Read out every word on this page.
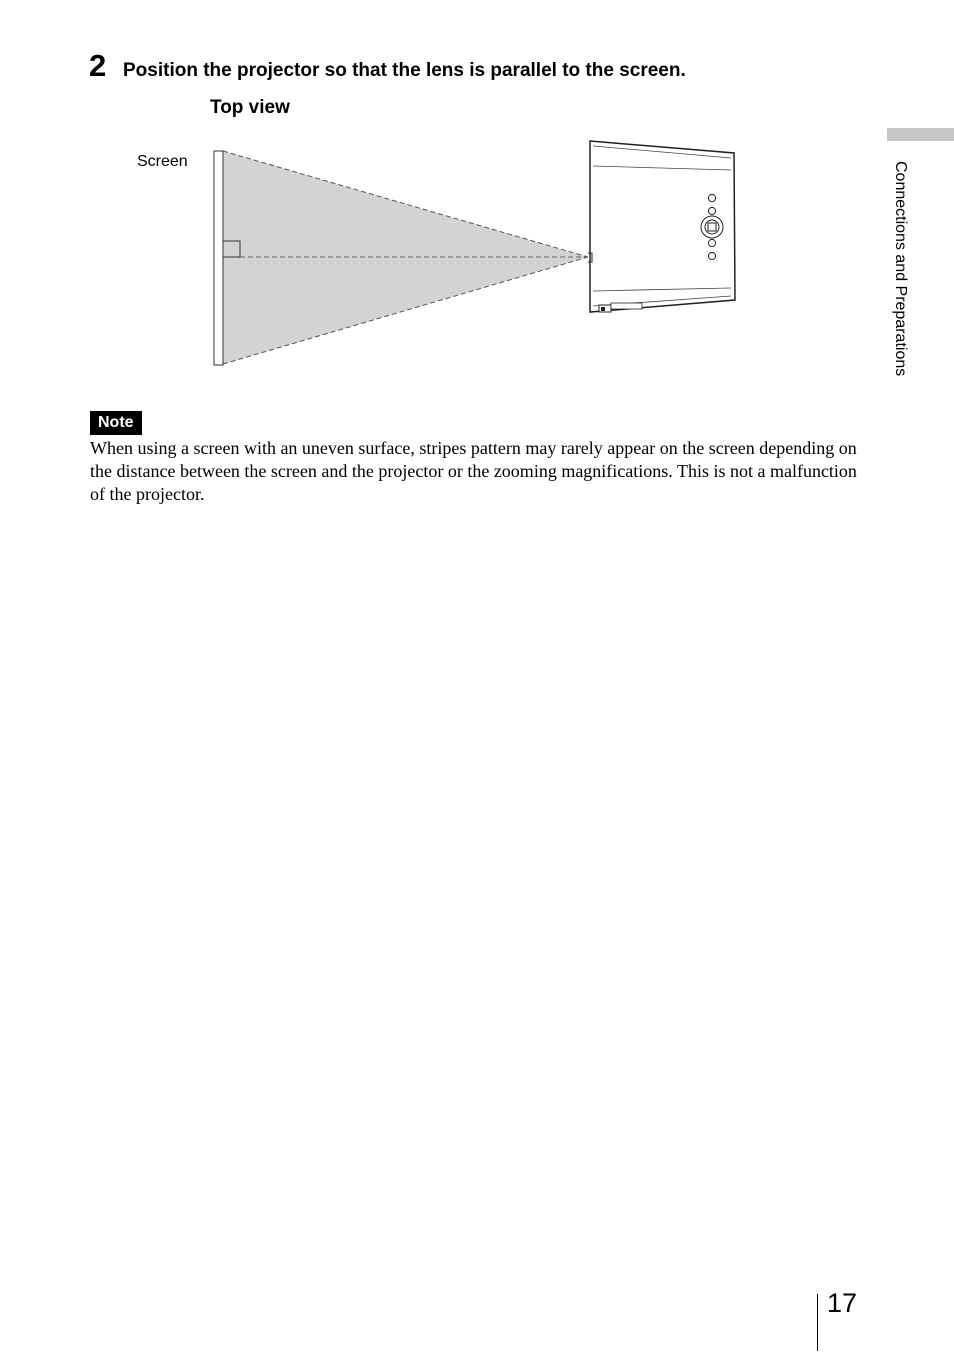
2 Position the projector so that the lens is parallel to the screen.
Top view
Screen
Note
When using a screen with an uneven surface, stripes pattern may rarely appear on the screen depending on the distance between the screen and the projector or the zooming magnifications. This is not a malfunction of the projector.
Connections and Preparations
17
